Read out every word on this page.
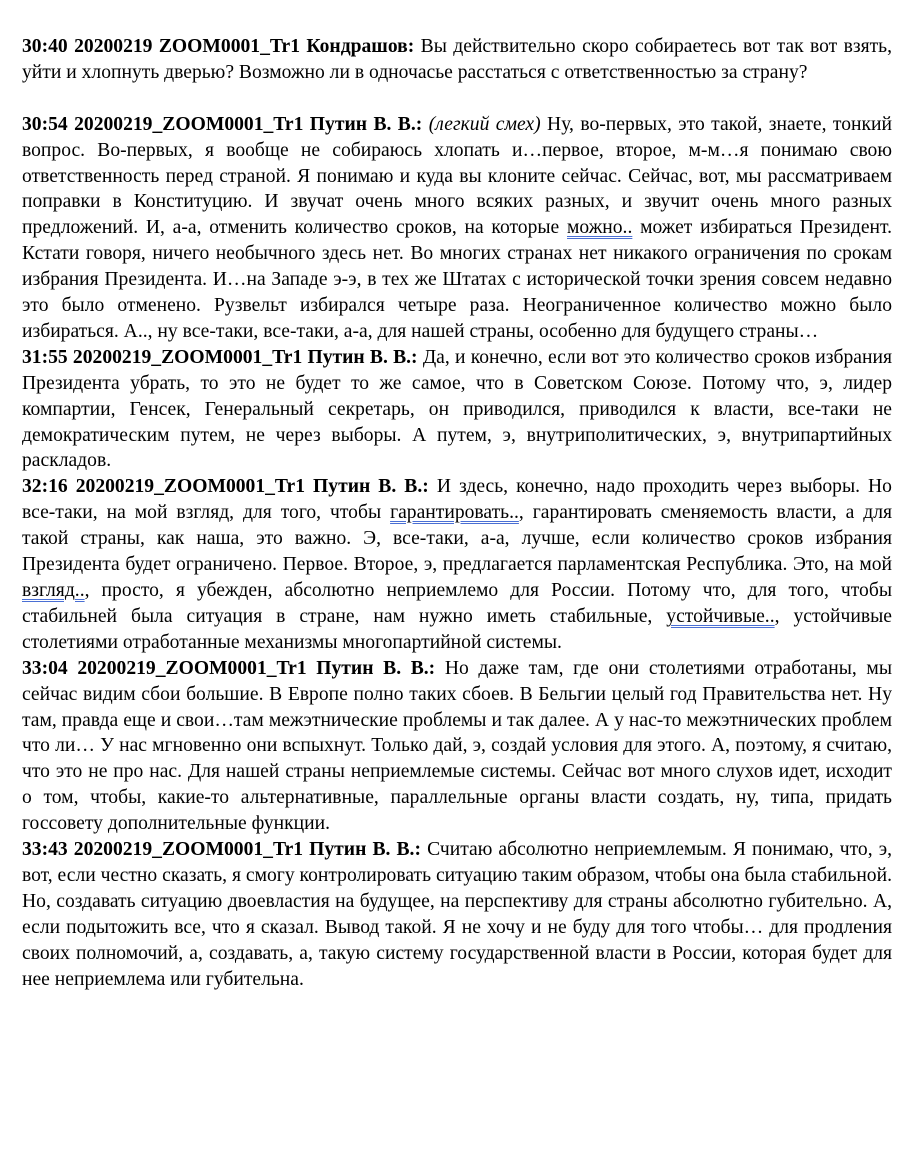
30:40 20200219 ZOOM0001_Tr1 Кондрашов: Вы действительно скоро собираетесь вот так вот взять, уйти и хлопнуть дверью? Возможно ли в одночасье расстаться с ответственностью за страну?

30:54 20200219_ZOOM0001_Tr1 Путин В. В.: (легкий смех) Ну, во-первых, это такой, знаете, тонкий вопрос. Во-первых, я вообще не собираюсь хлопать и…первое, второе, м-м…я понимаю свою ответственность перед страной. Я понимаю и куда вы клоните сейчас. Сейчас, вот, мы рассматриваем поправки в Конституцию. И звучат очень много всяких разных, и звучит очень много разных предложений. И, а-а, отменить количество сроков, на которые можно.. может избираться Президент. Кстати говоря, ничего необычного здесь нет. Во многих странах нет никакого ограничения по срокам избрания Президента. И…на Западе э-э, в тех же Штатах с исторической точки зрения совсем недавно это было отменено. Рузвельт избирался четыре раза. Неограниченное количество можно было избираться. А.., ну все-таки, все-таки, а-а, для нашей страны, особенно для будущего страны…

31:55 20200219_ZOOM0001_Tr1 Путин В. В.: Да, и конечно, если вот это количество сроков избрания Президента убрать, то это не будет то же самое, что в Советском Союзе. Потому что, э, лидер компартии, Генсек, Генеральный секретарь, он приводился, приводился к власти, все-таки не демократическим путем, не через выборы. А путем, э, внутриполитических, э, внутрипартийных раскладов.

32:16 20200219_ZOOM0001_Tr1 Путин В. В.: И здесь, конечно, надо проходить через выборы. Но все-таки, на мой взгляд, для того, чтобы гарантировать.., гарантировать сменяемость власти, а для такой страны, как наша, это важно. Э, все-таки, а-а, лучше, если количество сроков избрания Президента будет ограничено. Первое. Второе, э, предлагается парламентская Республика. Это, на мой взгляд.., просто, я убежден, абсолютно неприемлемо для России. Потому что, для того, чтобы стабильней была ситуация в стране, нам нужно иметь стабильные, устойчивые.., устойчивые столетиями отработанные механизмы многопартийной системы.

33:04 20200219_ZOOM0001_Tr1 Путин В. В.: Но даже там, где они столетиями отработаны, мы сейчас видим сбои большие. В Европе полно таких сбоев. В Бельгии целый год Правительства нет. Ну там, правда еще и свои…там межэтнические проблемы и так далее. А у нас-то межэтнических проблем что ли… У нас мгновенно они вспыхнут. Только дай, э, создай условия для этого. А, поэтому, я считаю, что это не про нас. Для нашей страны неприемлемые системы. Сейчас вот много слухов идет, исходит о том, чтобы, какие-то альтернативные, параллельные органы власти создать, ну, типа, придать госсовету дополнительные функции.

33:43 20200219_ZOOM0001_Tr1 Путин В. В.: Считаю абсолютно неприемлемым. Я понимаю, что, э, вот, если честно сказать, я смогу контролировать ситуацию таким образом, чтобы она была стабильной. Но, создавать ситуацию двоевластия на будущее, на перспективу для страны абсолютно губительно. А, если подытожить все, что я сказал. Вывод такой. Я не хочу и не буду для того чтобы… для продления своих полномочий, а, создавать, а, такую систему государственной власти в России, которая будет для нее неприемлема или губительна.
